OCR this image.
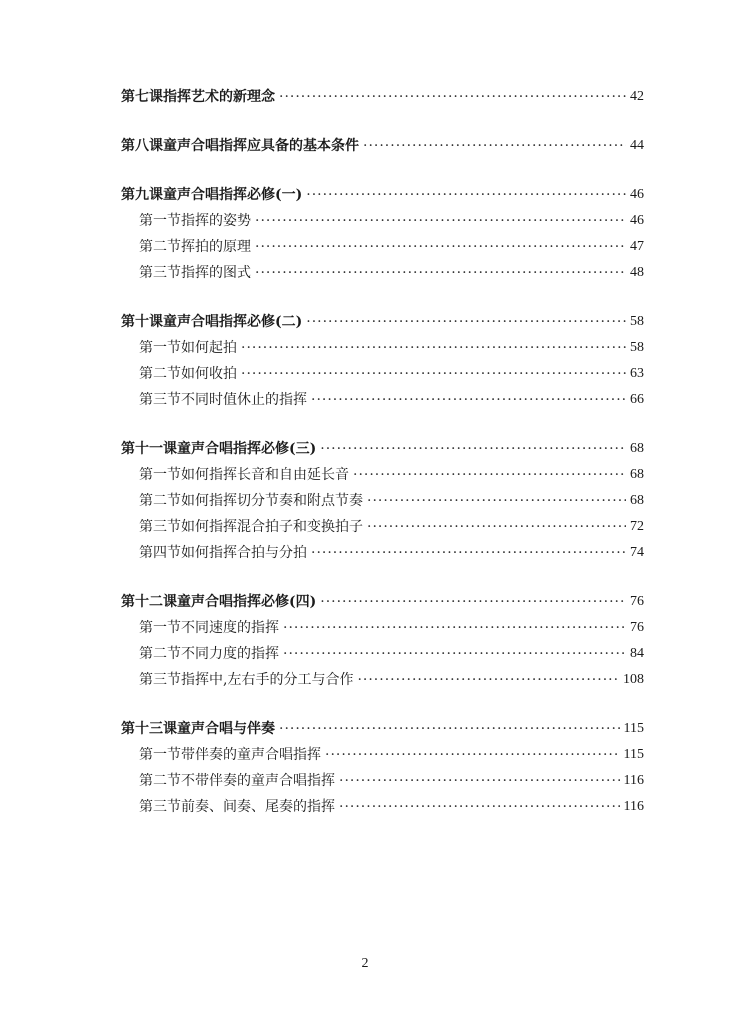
第七课 指挥艺术的新理念 ·····	42
第八课 童声合唱指挥应具备的基本条件 ·····	44
第九课 童声合唱指挥必修(一) ·····	46
第一节 指挥的姿势 ·····	46
第二节 挥拍的原理 ·····	47
第三节 指挥的图式 ·····	48
第十课 童声合唱指挥必修(二) ·····	58
第一节 如何起拍 ·····	58
第二节 如何收拍 ·····	63
第三节 不同时值休止的指挥 ·····	66
第十一课 童声合唱指挥必修(三) ·····	68
第一节 如何指挥长音和自由延长音 ·····	68
第二节 如何指挥切分节奏和附点节奏 ·····	68
第三节 如何指挥混合拍子和变换拍子 ·····	72
第四节 如何指挥合拍与分拍 ·····	74
第十二课 童声合唱指挥必修(四) ·····	76
第一节 不同速度的指挥 ·····	76
第二节 不同力度的指挥 ·····	84
第三节 指挥中,左右手的分工与合作 ·····	108
第十三课 童声合唱与伴奏 ·····	115
第一节 带伴奏的童声合唱指挥 ·····	115
第二节 不带伴奏的童声合唱指挥 ·····	116
第三节 前奏、间奏、尾奏的指挥 ·····	116
2
